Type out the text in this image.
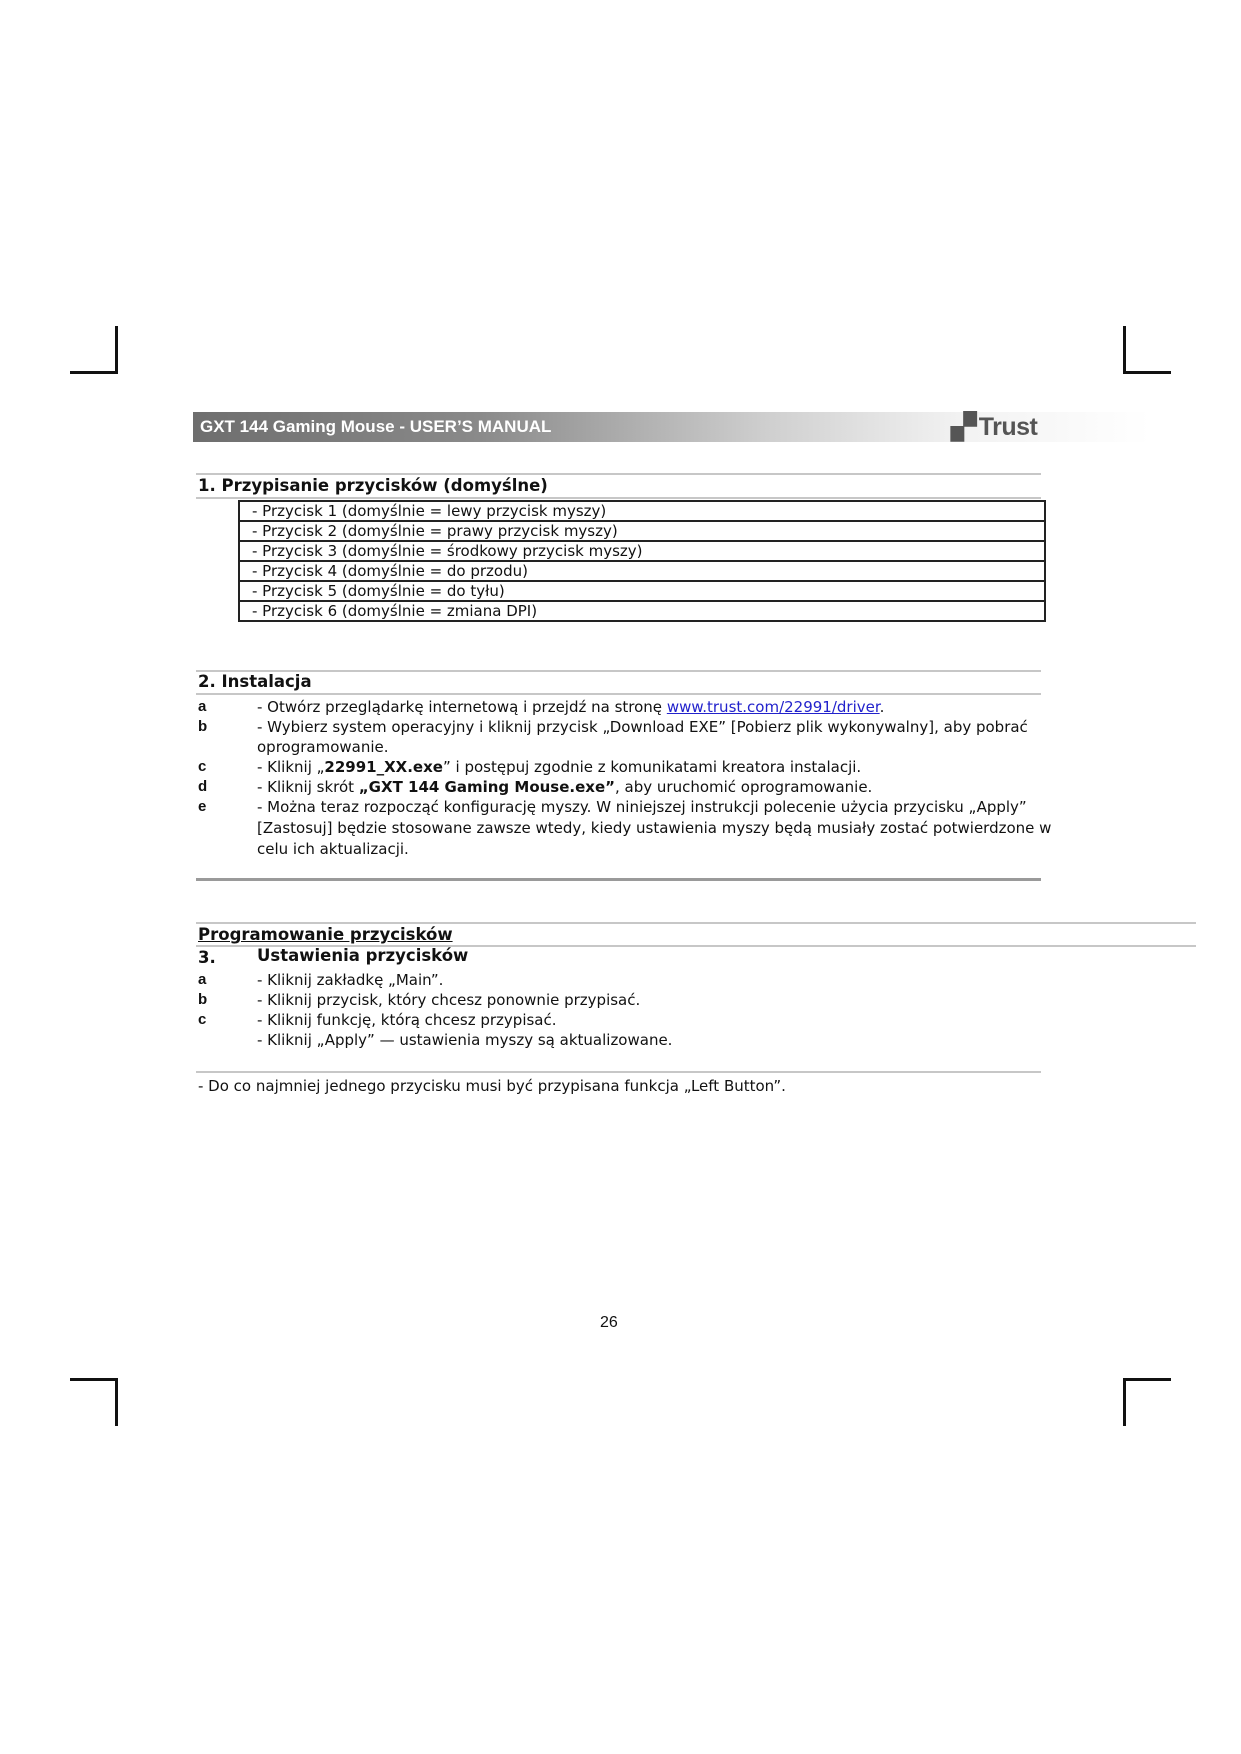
GXT 144 Gaming Mouse - USER’S MANUAL	▞ Trust
1. Przypisanie przycisków (domyślne)
- Przycisk 1 (domyślnie = lewy przycisk myszy)
- Przycisk 2 (domyślnie = prawy przycisk myszy)
- Przycisk 3 (domyślnie = środkowy przycisk myszy)
- Przycisk 4 (domyślnie = do przodu)
- Przycisk 5 (domyślnie = do tyłu)
- Przycisk 6 (domyślnie = zmiana DPI)
2. Instalacja
a	- Otwórz przeglądarkę internetową i przejdź na stronę www.trust.com/22991/driver.
b	- Wybierz system operacyjny i kliknij przycisk „Download EXE” [Pobierz plik wykonywalny], aby pobrać oprogramowanie.
c	- Kliknij „22991_XX.exe” i postępuj zgodnie z komunikatami kreatora instalacji.
d	- Kliknij skrót „GXT 144 Gaming Mouse.exe”, aby uruchomić oprogramowanie.
e	- Można teraz rozpocząć konfigurację myszy. W niniejszej instrukcji polecenie użycia przycisku „Apply” [Zastosuj] będzie stosowane zawsze wtedy, kiedy ustawienia myszy będą musiały zostać potwierdzone w celu ich aktualizacji.
Programowanie przycisków
3.	Ustawienia przycisków
a	- Kliknij zakładkę „Main”.
b	- Kliknij przycisk, który chcesz ponownie przypisać.
c	- Kliknij funkcję, którą chcesz przypisać.
- Kliknij „Apply” — ustawienia myszy są aktualizowane.
- Do co najmniej jednego przycisku musi być przypisana funkcja „Left Button”.
26
